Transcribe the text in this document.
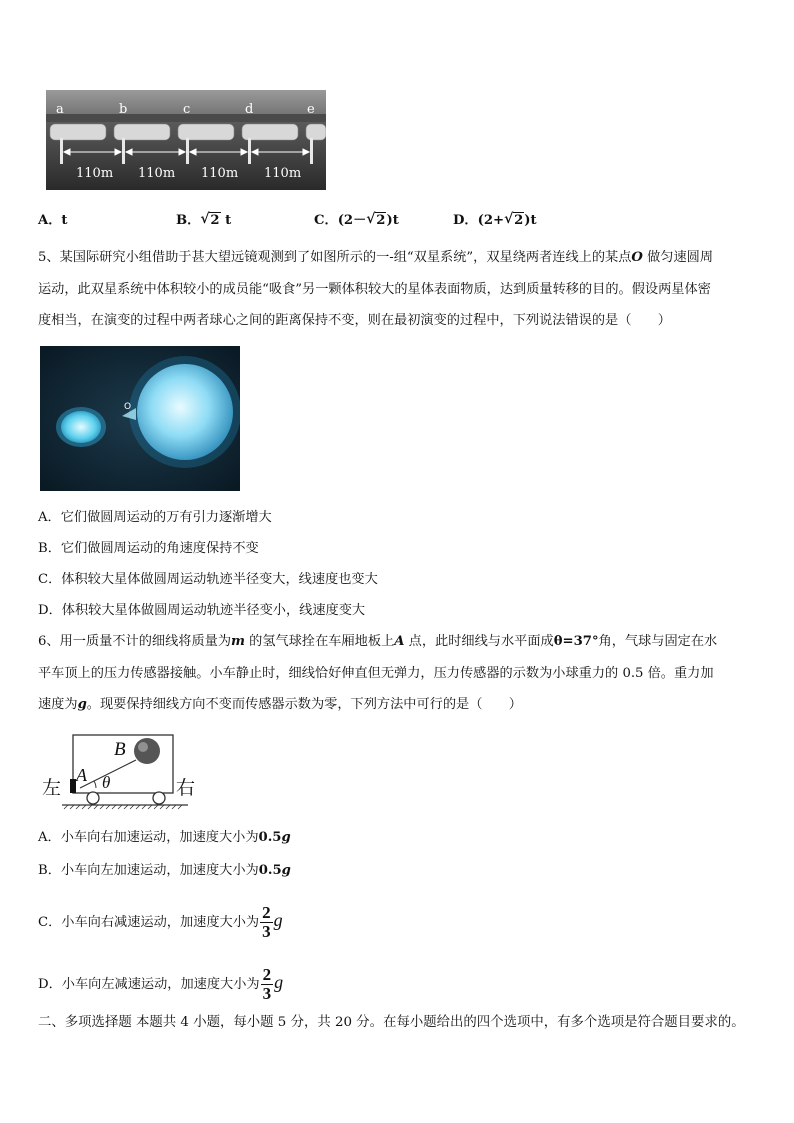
a	b	c	d	e
110m 110m 110m 110m
A．t	B． √ 2 t	C．(2－ √ 2)t	D．(2+ √ 2)t
5、某国际研究小组借助于甚大望远镜观测到了如图所示的一-组“双星系统”，双星绕两者连线上的某点O 做匀速圆周
运动，此双星系统中体积较小的成员能“吸食”另一颗体积较大的星体表面物质，达到质量转移的目的。假设两星体密
度相当，在演变的过程中两者球心之间的距离保持不变，则在最初演变的过程中，下列说法错误的是（　　）
O
A．它们做圆周运动的万有引力逐渐增大
B．它们做圆周运动的角速度保持不变
C．体积较大星体做圆周运动轨迹半径变大，线速度也变大
D．体积较大星体做圆周运动轨迹半径变小，线速度变大
6、用一质量不计的细线将质量为m 的氢气球拴在车厢地板上A 点，此时细线与水平面成θ=37°角，气球与固定在水
平车顶上的压力传感器接触。小车静止时，细线恰好伸直但无弹力，压力传感器的示数为小球重力的 0.5 倍。重力加
速度为g。现要保持细线方向不变而传感器示数为零，下列方法中可行的是（　　）
左	右
B
A θ
A．小车向右加速运动，加速度大小为0.5g
B．小车向左加速运动，加速度大小为0.5g
C．小车向右减速运动，加速度大小为 $\frac{2}{3}$ g
D．小车向左减速运动，加速度大小为 $\frac{2}{3}$ g
二、多项选择题 本题共 4 小题，每小题 5 分，共 20 分。在每小题给出的四个选项中，有多个选项是符合题目要求的。
